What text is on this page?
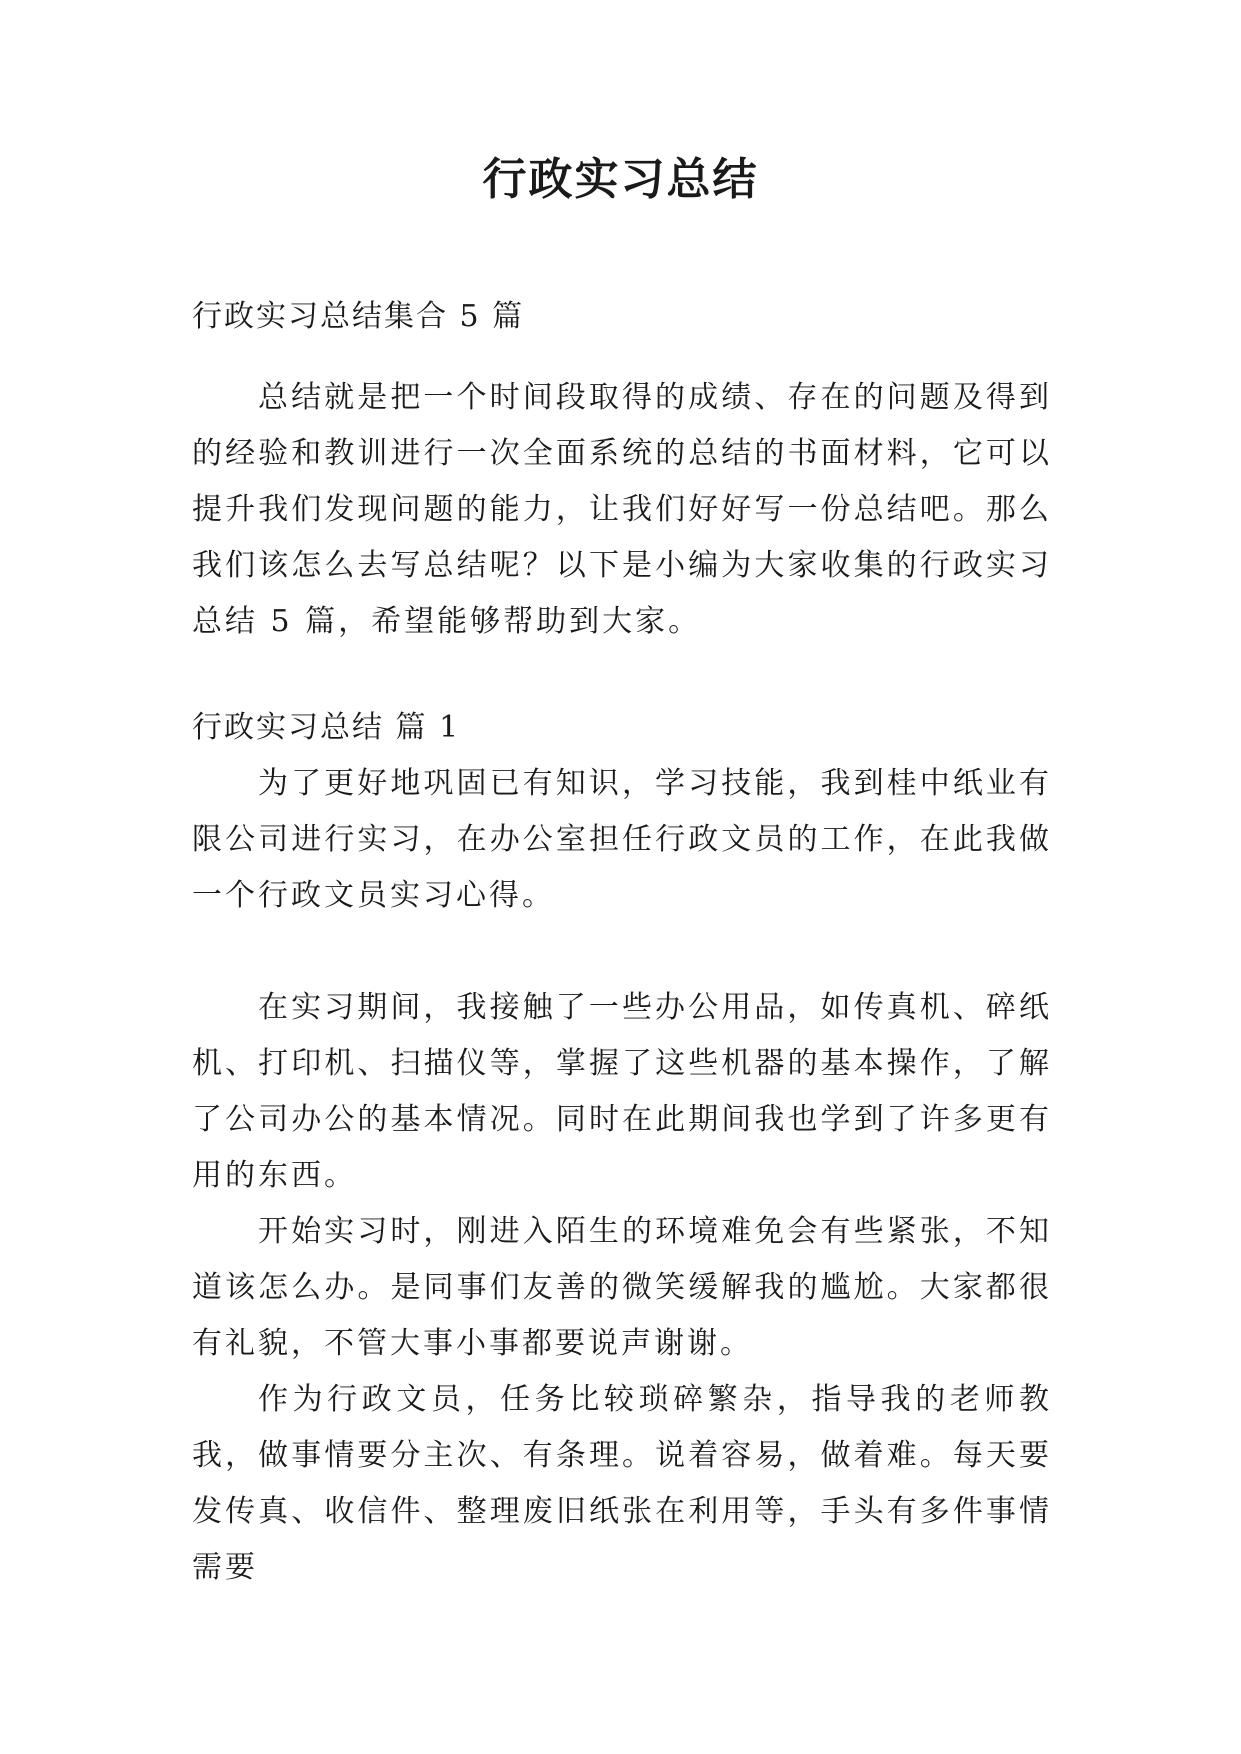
行政实习总结
行政实习总结集合 5 篇

总结就是把一个时间段取得的成绩、存在的问题及得到的经验和教训进行一次全面系统的总结的书面材料，它可以提升我们发现问题的能力，让我们好好写一份总结吧。那么我们该怎么去写总结呢？以下是小编为大家收集的行政实习总结 5 篇，希望能够帮助到大家。

行政实习总结 篇 1

为了更好地巩固已有知识，学习技能，我到桂中纸业有限公司进行实习，在办公室担任行政文员的工作，在此我做一个行政文员实习心得。

在实习期间，我接触了一些办公用品，如传真机、碎纸机、打印机、扫描仪等，掌握了这些机器的基本操作，了解了公司办公的基本情况。同时在此期间我也学到了许多更有用的东西。

开始实习时，刚进入陌生的环境难免会有些紧张，不知道该怎么办。是同事们友善的微笑缓解我的尴尬。大家都很有礼貌，不管大事小事都要说声谢谢。

作为行政文员，任务比较琐碎繁杂，指导我的老师教我，做事情要分主次、有条理。说着容易，做着难。每天要发传真、收信件、整理废旧纸张在利用等，手头有多件事情需要
